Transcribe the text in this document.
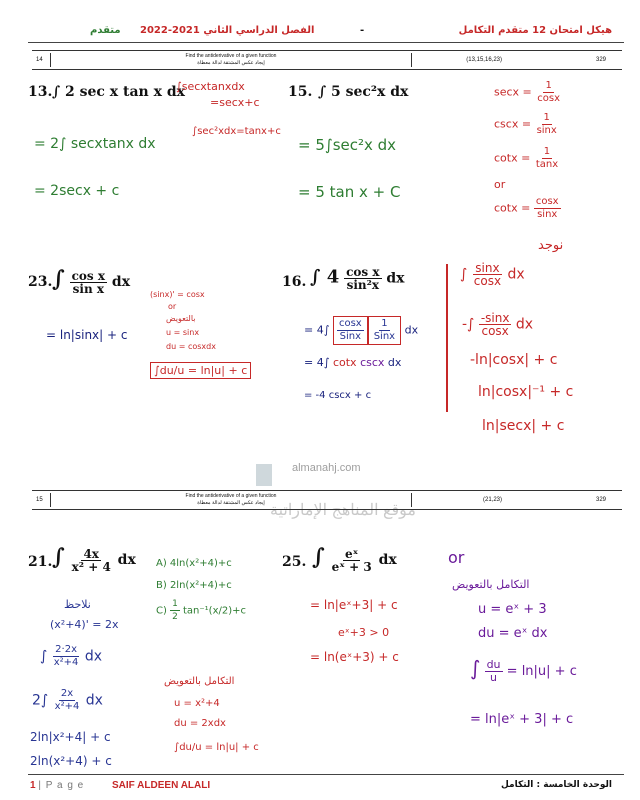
متقدم الفصل الدراسي الثاني 2021-2022	-	هيكل امتحان 12 متقدم التكامل
14
Find the antiderivative of a given function
إيجاد عكس المشتقة لدالة معطاة	(13,15,16,23)	329
13. ∫ 2 sec x tan x dx
∫secxtanxdx
=secx+c
= 2∫ secxtanx dx
∫sec²xdx=tanx+c
= 2secx + c
15. ∫ 5 sec²x dx
= 5∫sec²x dx
= 5 tan x + C
$\sec x = \frac{1}{\cos x}$
$\csc x = \frac{1}{\sin x}$
$\cot x = \frac{1}{\tan x}$
or
$\cot x = \frac{\cos x}{\sin x}$
23. ∫ $\frac{\text{cos x}}{\text{sin x}}$ dx
= ln|sinx| + c
(sinx)' = cosx
or
بالتعويض
u = sinx
du = cosxdx
∫du/u = ln|u| + c
16. ∫ $4 \frac{\text{cos x}}{\text{sin²x}}$ dx
= $4\int \frac{\cos x}{\text{Sinx}} \frac{1}{\text{Sinx}}$ dx
= 4∫ cotx cscx dx
= -4 cscx + c
نوجد
∫ $\frac{\sin x}{\cos x}$ dx
-∫ $\frac{-\sin x}{\cos x}$ dx
-ln|cosx| + c
ln|cosx|⁻¹ + c
ln|secx| + c
almanahj.com
موقع المناهج الإماراتية
15
Find the antiderivative of a given function
إيجاد عكس المشتقة لدالة معطاة	(21,23)	329
21. ∫ $\frac{4x}{\text{x² + 4}}$ dx A) 4ln(x²+4)+c
B) 2ln(x²+4)+c
$C) \frac{1}{2} \tan^{-1}(x/2)+c$
نلاحظ
(x²+4)' = 2x
∫ $\frac{2\cdot 2x}{\text{x²+4}}$ dx
$2\int \frac{2x}{\text{x²+4}}$ dx
2ln|x²+4| + c
2ln(x²+4) + c
التكامل بالتعويض
u = x²+4
du = 2xdx
∫du/u = ln|u| + c
25. ∫ $\frac{\text{eˣ}}{\text{eˣ + 3}}$ dx
= ln|eˣ+3| + c
eˣ+3 > 0
= ln(eˣ+3) + c
or
التكامل بالتعويض
u = eˣ + 3
du = eˣ dx
∫ $\frac{du}{u} = \ln|u| + c$
= ln|eˣ + 3| + c
1 | P a g e	SAIF ALDEEN ALALI	الوحدة الخامسة : التكامل
